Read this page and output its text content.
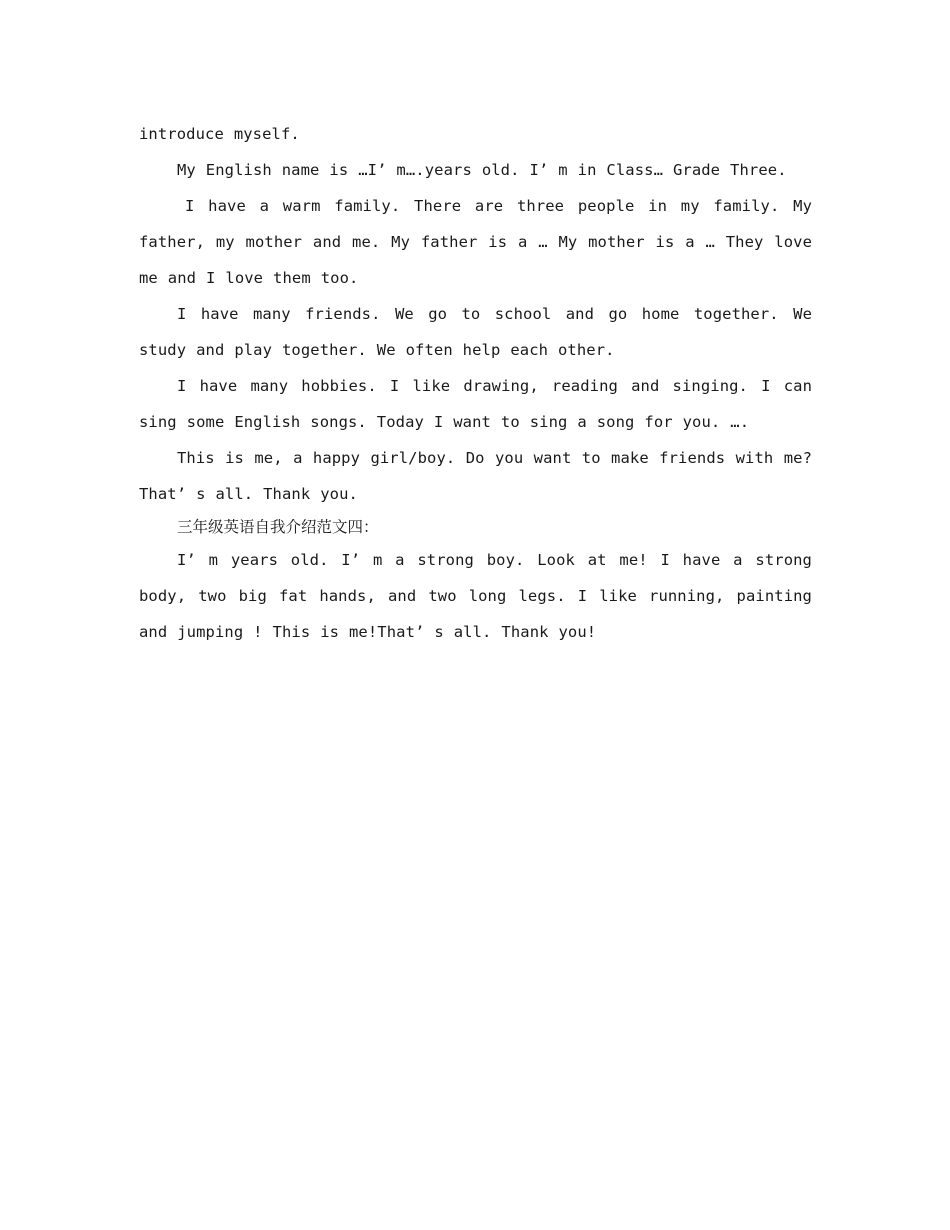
introduce myself.

My English name is …I’ m….years old. I’ m in Class… Grade Three.

I have a warm family. There are three people in my family. My father, my mother and me. My father is a … My mother is a … They love me and I love them too.

I have many friends. We go to school and go home together. We study and play together. We often help each other.

I have many hobbies. I like drawing, reading and singing. I can sing some English songs. Today I want to sing a song for you. ….

This is me, a happy girl/boy. Do you want to make friends with me? That’ s all. Thank you.

三年级英语自我介绍范文四：

I’ m years old. I’ m a strong boy. Look at me! I have a strong body, two big fat hands, and two long legs. I like running, painting and jumping ! This is me!That’ s all. Thank you!
